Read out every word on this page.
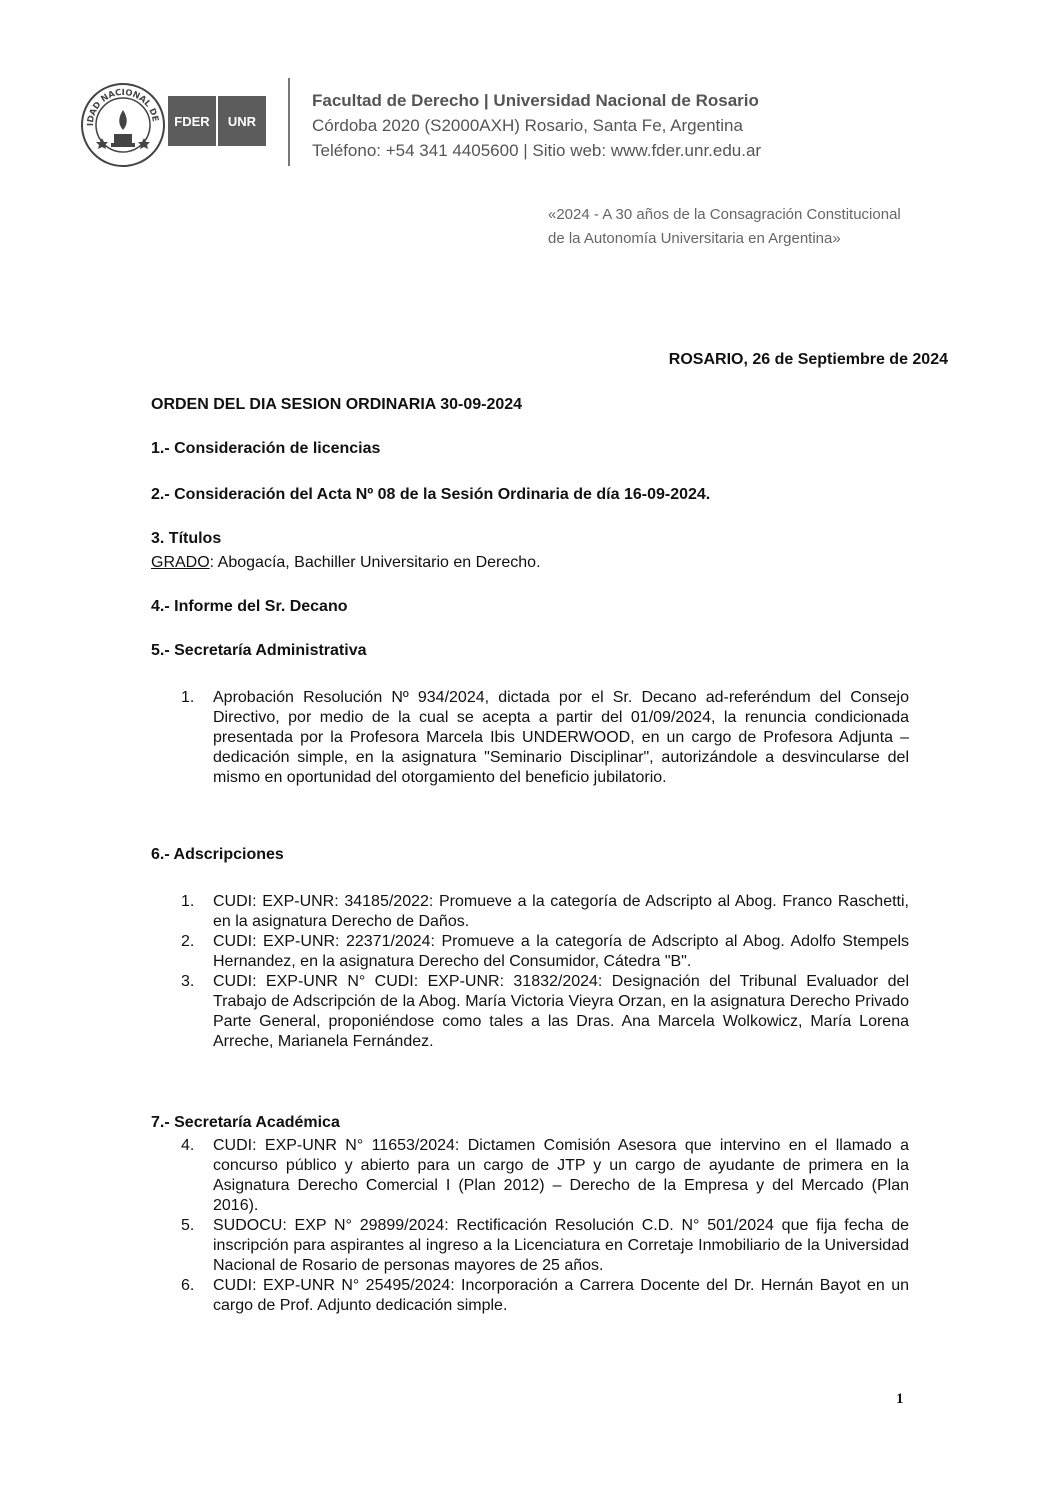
IDAD NACIONAL DE	FDER	UNR
Facultad de Derecho | Universidad Nacional de Rosario
Córdoba 2020 (S2000AXH) Rosario, Santa Fe, Argentina
Teléfono: +54 341 4405600 | Sitio web: www.fder.unr.edu.ar
«2024 - A 30 años de la Consagración Constitucional
de la Autonomía Universitaria en Argentina»
ROSARIO, 26 de Septiembre de 2024
ORDEN DEL DIA SESION ORDINARIA 30-09-2024
1.- Consideración de licencias
2.- Consideración del Acta Nº 08 de la Sesión Ordinaria de día 16-09-2024.
3. Títulos
GRADO: Abogacía, Bachiller Universitario en Derecho.
4.- Informe del Sr. Decano
5.- Secretaría Administrativa
1.	Aprobación Resolución Nº 934/2024, dictada por el Sr. Decano ad-referéndum del Consejo Directivo, por medio de la cual se acepta a partir del 01/09/2024, la renuncia condicionada presentada por la Profesora Marcela Ibis UNDERWOOD, en un cargo de Profesora Adjunta – dedicación simple, en la asignatura "Seminario Disciplinar", autorizándole a desvincularse del mismo en oportunidad del otorgamiento del beneficio jubilatorio.
6.- Adscripciones
1.	CUDI: EXP-UNR: 34185/2022: Promueve a la categoría de Adscripto al Abog. Franco Raschetti, en la asignatura Derecho de Daños.
2.	CUDI: EXP-UNR: 22371/2024: Promueve a la categoría de Adscripto al Abog. Adolfo Stempels Hernandez, en la asignatura Derecho del Consumidor, Cátedra "B".
3.	CUDI: EXP-UNR N° CUDI: EXP-UNR: 31832/2024: Designación del Tribunal Evaluador del Trabajo de Adscripción de la Abog. María Victoria Vieyra Orzan, en la asignatura Derecho Privado Parte General, proponiéndose como tales a las Dras. Ana Marcela Wolkowicz, María Lorena Arreche, Marianela Fernández.
7.- Secretaría Académica
4.	CUDI: EXP-UNR N° 11653/2024: Dictamen Comisión Asesora que intervino en el llamado a concurso público y abierto para un cargo de JTP y un cargo de ayudante de primera en la Asignatura Derecho Comercial I (Plan 2012) – Derecho de la Empresa y del Mercado (Plan 2016).
5.	SUDOCU: EXP N° 29899/2024: Rectificación Resolución C.D. N° 501/2024 que fija fecha de inscripción para aspirantes al ingreso a la Licenciatura en Corretaje Inmobiliario de la Universidad Nacional de Rosario de personas mayores de 25 años.
6.	CUDI: EXP-UNR N° 25495/2024: Incorporación a Carrera Docente del Dr. Hernán Bayot en un cargo de Prof. Adjunto dedicación simple.
1
